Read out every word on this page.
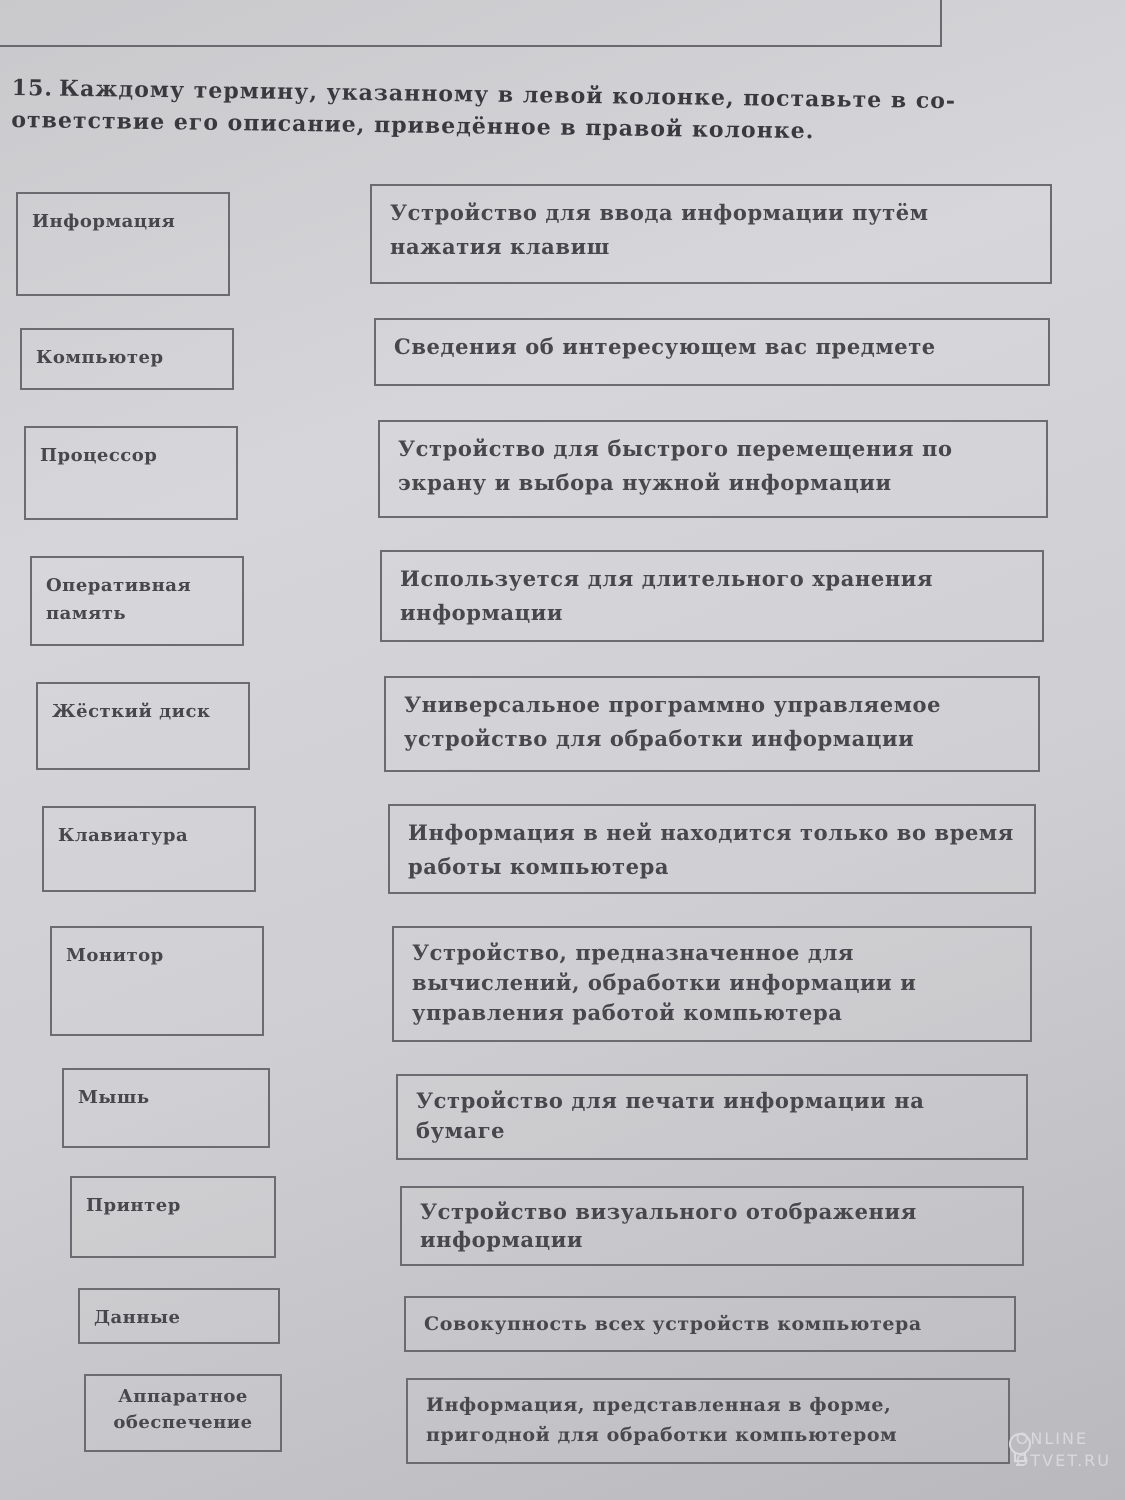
15. Каждому термину, указанному в левой колонке, поставьте в со-ответствие его описание, приведённое в правой колонке.
Информация
Компьютер
Процессор
Оперативная память
Жёсткий диск
Клавиатура
Монитор
Мышь
Принтер
Данные
Аппаратное обеспечение
Устройство для ввода информации путём нажатия клавиш
Сведения об интересующем вас предмете
Устройство для быстрого перемещения по экрану и выбора нужной информации
Используется для длительного хранения информации
Универсальное программно управляемое устройство для обработки информации
Информация в ней находится только во время работы компьютера
Устройство, предназначенное для вычислений, обработки информации и управления работой компьютера
Устройство для печати информации на бумаге
Устройство визуального отображения информации
Совокупность всех устройств компьютера
Информация, представленная в форме, пригодной для обработки компьютером	ONLINE
OTVET.RU
